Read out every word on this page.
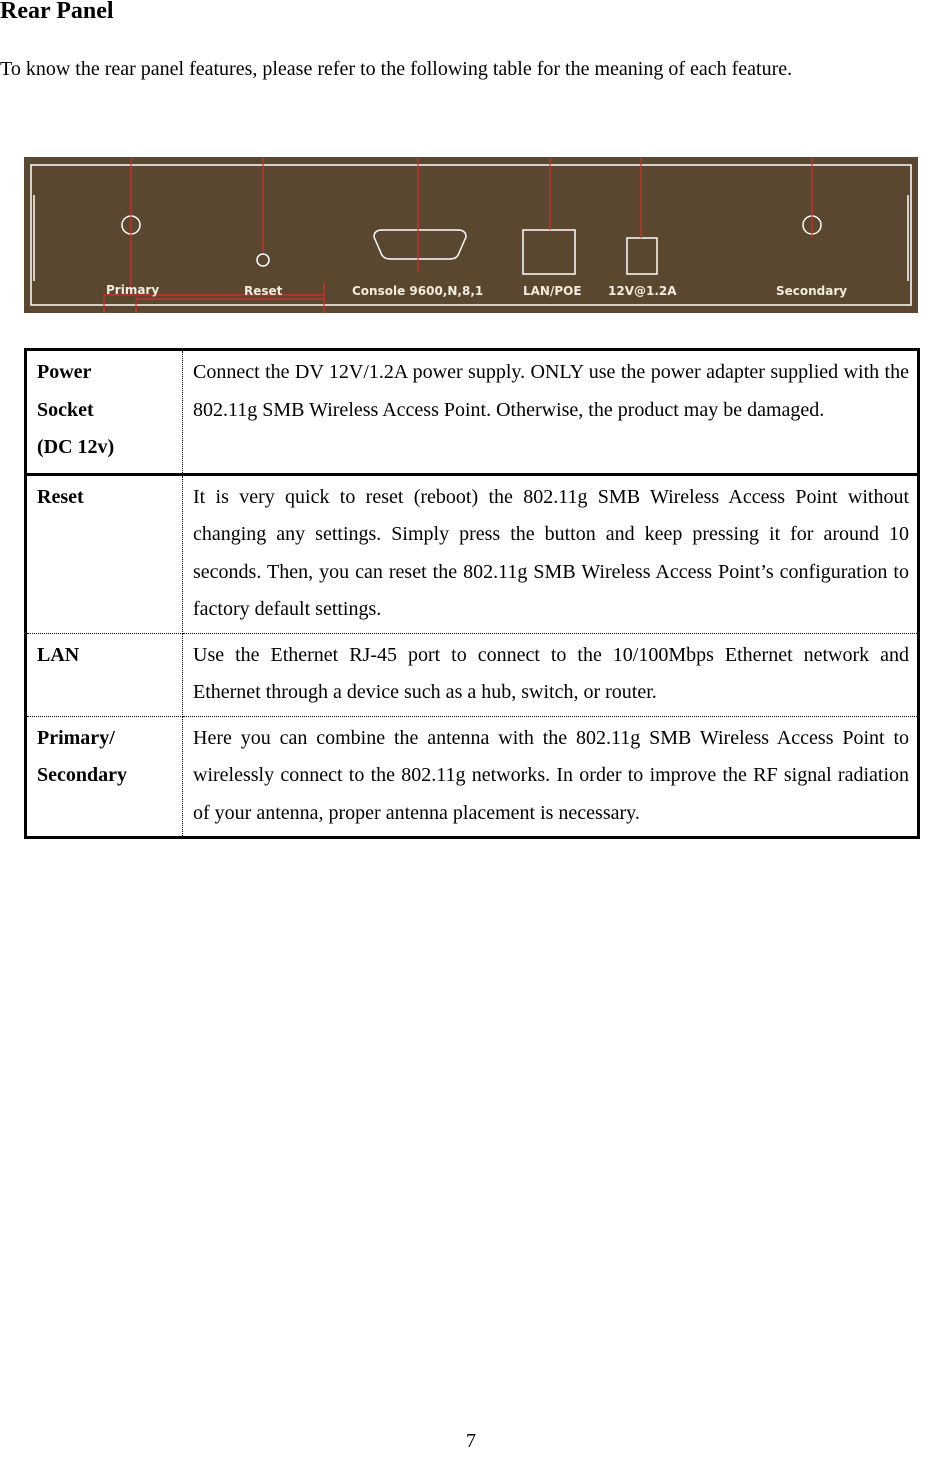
Rear Panel

To know the rear panel features, please refer to the following table for the meaning of each feature.

Primary	Reset	Console 9600,N,8,1	LAN/POE 12V@1.2A	Secondary
Power
Socket
(DC 12v)	Connect the DV 12V/1.2A power supply. ONLY use the power adapter supplied with the 802.11g SMB Wireless Access Point. Otherwise, the product may be damaged.

Reset	It is very quick to reset (reboot) the 802.11g SMB Wireless Access Point without changing any settings. Simply press the button and keep pressing it for around 10 seconds. Then, you can reset the 802.11g SMB Wireless Access Point’s configuration to factory default settings.

LAN	Use the Ethernet RJ-45 port to connect to the 10/100Mbps Ethernet network and Ethernet through a device such as a hub, switch, or router.

Primary/
Secondary	Here you can combine the antenna with the 802.11g SMB Wireless Access Point to wirelessly connect to the 802.11g networks. In order to improve the RF signal radiation of your antenna, proper antenna placement is necessary.
7
